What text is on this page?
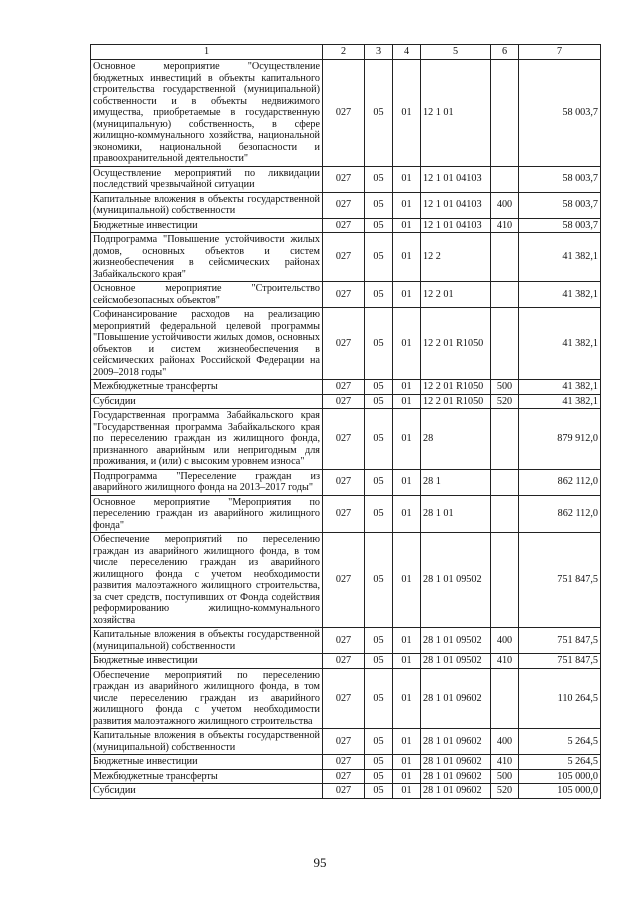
1	2	3	4	5	6	7
Основное мероприятие "Осуществление бюджетных инвестиций в объекты капитального строительства государственной (муниципальной) собственности и в объекты недвижимого имущества, приобретаемые в государственную (муниципальную) собственность, в сфере жилищно-коммунального хозяйства, национальной экономики, национальной безопасности и правоохранительной деятельности"	027	05	01	12 1 01		58 003,7
Осуществление мероприятий по ликвидации последствий чрезвычайной ситуации	027	05	01	12 1 01 04103		58 003,7
Капитальные вложения в объекты государственной (муниципальной) собственности	027	05	01	12 1 01 04103	400	58 003,7
Бюджетные инвестиции	027	05	01	12 1 01 04103	410	58 003,7
Подпрограмма "Повышение устойчивости жилых домов, основных объектов и систем жизнеобеспечения в сейсмических районах Забайкальского края"	027	05	01	12 2		41 382,1
Основное мероприятие "Строительство сейсмобезопасных объектов"	027	05	01	12 2 01		41 382,1
Софинансирование расходов на реализацию мероприятий федеральной целевой программы "Повышение устойчивости жилых домов, основных объектов и систем жизнеобеспечения в сейсмических районах Российской Федерации на 2009–2018 годы"	027	05	01	12 2 01 R1050		41 382,1
Межбюджетные трансферты	027	05	01	12 2 01 R1050	500	41 382,1
Субсидии	027	05	01	12 2 01 R1050	520	41 382,1
Государственная программа Забайкальского края "Государственная программа Забайкальского края по переселению граждан из жилищного фонда, признанного аварийным или непригодным для проживания, и (или) с высоким уровнем износа"	027	05	01	28		879 912,0
Подпрограмма "Переселение граждан из аварийного жилищного фонда на 2013–2017 годы"	027	05	01	28 1		862 112,0
Основное мероприятие "Мероприятия по переселению граждан из аварийного жилищного фонда"	027	05	01	28 1 01		862 112,0
Обеспечение мероприятий по переселению граждан из аварийного жилищного фонда, в том числе переселению граждан из аварийного жилищного фонда с учетом необходимости развития малоэтажного жилищного строительства, за счет средств, поступивших от Фонда содействия реформированию жилищно-коммунального хозяйства	027	05	01	28 1 01 09502		751 847,5
Капитальные вложения в объекты государственной (муниципальной) собственности	027	05	01	28 1 01 09502	400	751 847,5
Бюджетные инвестиции	027	05	01	28 1 01 09502	410	751 847,5
Обеспечение мероприятий по переселению граждан из аварийного жилищного фонда, в том числе переселению граждан из аварийного жилищного фонда с учетом необходимости развития малоэтажного жилищного строительства	027	05	01	28 1 01 09602		110 264,5
Капитальные вложения в объекты государственной (муниципальной) собственности	027	05	01	28 1 01 09602	400	5 264,5
Бюджетные инвестиции	027	05	01	28 1 01 09602	410	5 264,5
Межбюджетные трансферты	027	05	01	28 1 01 09602	500	105 000,0
Субсидии	027	05	01	28 1 01 09602	520	105 000,0
95
